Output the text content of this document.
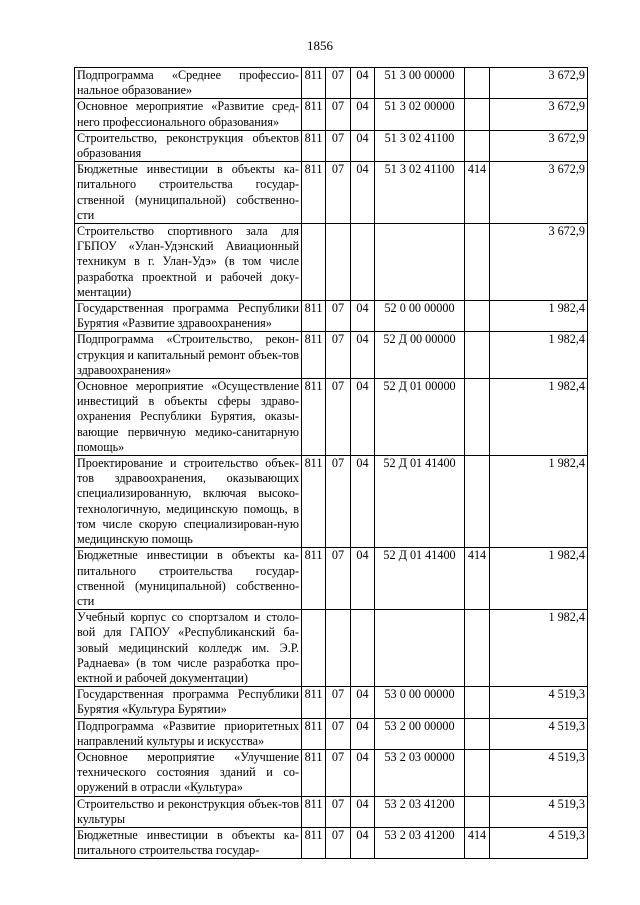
1856
Подпрограмма «Среднее профессио-нальное образование»	811	07	04	51 3 00 00000		3 672,9
Основное мероприятие «Развитие сред-него профессионального образования»	811	07	04	51 3 02 00000		3 672,9
Строительство, реконструкция объектов образования	811	07	04	51 3 02 41100		3 672,9
Бюджетные инвестиции в объекты ка-питального строительства государ-ственной (муниципальной) собственно-сти	811	07	04	51 3 02 41100	414	3 672,9
Строительство спортивного зала для ГБПОУ «Улан-Удэнский Авиационный техникум в г. Улан-Удэ» (в том числе разработка проектной и рабочей доку-ментации)						3 672,9
Государственная программа Республики Бурятия «Развитие здравоохранения»	811	07	04	52 0 00 00000		1 982,4
Подпрограмма «Строительство, рекон-струкция и капитальный ремонт объек-тов здравоохранения»	811	07	04	52 Д 00 00000		1 982,4
Основное мероприятие «Осуществление инвестиций в объекты сферы здраво-охранения Республики Бурятия, оказы-вающие первичную медико-санитарную помощь»	811	07	04	52 Д 01 00000		1 982,4
Проектирование и строительство объек-тов здравоохранения, оказывающих специализированную, включая высоко-технологичную, медицинскую помощь, в том числе скорую специализирован-ную медицинскую помощь	811	07	04	52 Д 01 41400		1 982,4
Бюджетные инвестиции в объекты ка-питального строительства государ-ственной (муниципальной) собственно-сти	811	07	04	52 Д 01 41400	414	1 982,4
Учебный корпус со спортзалом и столо-вой для ГАПОУ «Республиканский ба-зовый медицинский колледж им. Э.Р. Раднаева» (в том числе разработка про-ектной и рабочей документации)						1 982,4
Государственная программа Республики Бурятия «Культура Бурятии»	811	07	04	53 0 00 00000		4 519,3
Подпрограмма «Развитие приоритетных направлений культуры и искусства»	811	07	04	53 2 00 00000		4 519,3
Основное мероприятие «Улучшение технического состояния зданий и со-оружений в отрасли «Культура»	811	07	04	53 2 03 00000		4 519,3
Строительство и реконструкция объек-тов культуры	811	07	04	53 2 03 41200		4 519,3
Бюджетные инвестиции в объекты ка-питального строительства государ-	811	07	04	53 2 03 41200	414	4 519,3
